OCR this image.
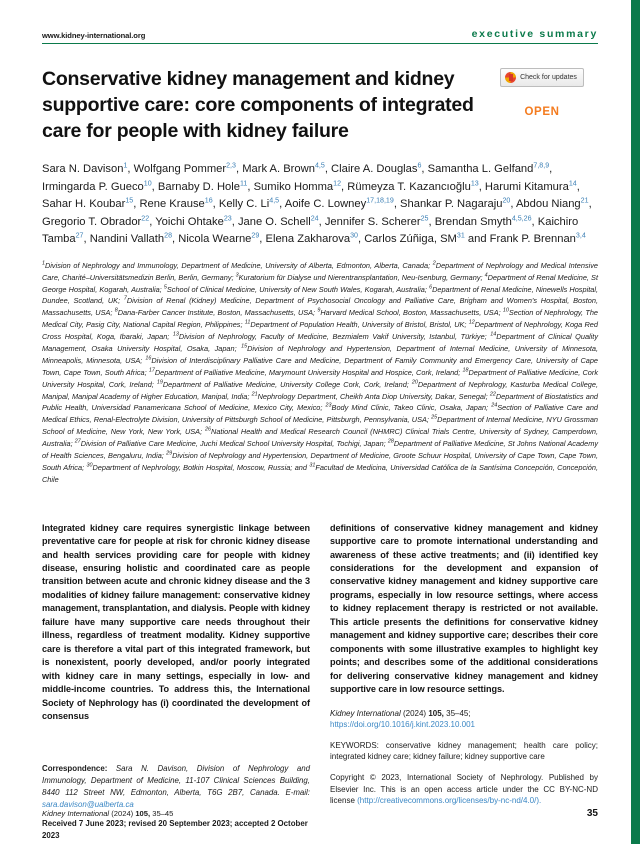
www.kidney-international.org	executive summary
Conservative kidney management and kidney supportive care: core components of integrated care for people with kidney failure
Check for updates
OPEN
Sara N. Davison$^1$, Wolfgang Pommer$^{2,3}$, Mark A. Brown$^{4,5}$, Claire A. Douglas$^6$, Samantha L. Gelfand$^{7,8,9}$, Irmingarda P. Gueco$^{10}$, Barnaby D. Hole$^{11}$, Sumiko Homma$^{12}$, Rümeyza T. Kazancıoğlu$^{13}$, Harumi Kitamura$^{14}$, Sahar H. Koubar$^{15}$, Rene Krause$^{16}$, Kelly C. Li$^{4,5}$, Aoife C. Lowney$^{17,18,19}$, Shankar P. Nagaraju$^{20}$, Abdou Niang$^{21}$, Gregorio T. Obrador$^{22}$, Yoichi Ohtake$^{23}$, Jane O. Schell$^{24}$, Jennifer S. Scherer$^{25}$, Brendan Smyth$^{4,5,26}$, Kaichiro Tamba$^{27}$, Nandini Vallath$^{28}$, Nicola Wearne$^{29}$, Elena Zakharova$^{30}$, Carlos Zúñiga, SM$^{31}$ and Frank P. Brennan$^{3,4}$
$^1$Division of Nephrology and Immunology, Department of Medicine, University of Alberta, Edmonton, Alberta, Canada; $^2$Department of Nephrology and Medical Intensive Care, Charité–Universitätsmedizin Berlin, Berlin, Germany; $^3$Kuratorium für Dialyse und Nierentransplantation, Neu-Isenburg, Germany; $^4$Department of Renal Medicine, St George Hospital, Kogarah, Australia; $^5$School of Clinical Medicine, University of New South Wales, Kogarah, Australia; $^6$Department of Renal Medicine, Ninewells Hospital, Dundee, Scotland, UK; $^7$Division of Renal (Kidney) Medicine, Department of Psychosocial Oncology and Palliative Care, Brigham and Women's Hospital, Boston, Massachusetts, USA; $^8$Dana-Farber Cancer Institute, Boston, Massachusetts, USA; $^9$Harvard Medical School, Boston, Massachusetts, USA; $^{10}$Section of Nephrology, The Medical City, Pasig City, National Capital Region, Philippines; $^{11}$Department of Population Health, University of Bristol, Bristol, UK; $^{12}$Department of Nephrology, Koga Red Cross Hospital, Koga, Ibaraki, Japan; $^{13}$Division of Nephrology, Faculty of Medicine, Bezmialem Vakif University, Istanbul, Türkiye; $^{14}$Department of Clinical Quality Management, Osaka University Hospital, Osaka, Japan; $^{15}$Division of Nephrology and Hypertension, Department of Internal Medicine, University of Minnesota, Minneapolis, Minnesota, USA; $^{16}$Division of Interdisciplinary Palliative Care and Medicine, Department of Family Community and Emergency Care, University of Cape Town, Cape Town, South Africa; $^{17}$Department of Palliative Medicine, Marymount University Hospital and Hospice, Cork, Ireland; $^{18}$Department of Palliative Medicine, Cork University Hospital, Cork, Ireland; $^{19}$Department of Palliative Medicine, University College Cork, Cork, Ireland; $^{20}$Department of Nephrology, Kasturba Medical College, Manipal, Manipal Academy of Higher Education, Manipal, India; $^{21}$Nephrology Department, Cheikh Anta Diop University, Dakar, Senegal; $^{22}$Department of Biostatistics and Public Health, Universidad Panamericana School of Medicine, Mexico City, Mexico; $^{23}$Body Mind Clinic, Takeo Clinic, Osaka, Japan; $^{24}$Section of Palliative Care and Medical Ethics, Renal-Electrolyte Division, University of Pittsburgh School of Medicine, Pittsburgh, Pennsylvania, USA; $^{25}$Department of Internal Medicine, NYU Grossman School of Medicine, New York, New York, USA; $^{26}$National Health and Medical Research Council (NHMRC) Clinical Trials Centre, University of Sydney, Camperdown, Australia; $^{27}$Division of Palliative Care Medicine, Juchi Medical School University Hospital, Tochigi, Japan; $^{28}$Department of Palliative Medicine, St Johns National Academy of Health Sciences, Bengaluru, India; $^{29}$Division of Nephrology and Hypertension, Department of Medicine, Groote Schuur Hospital, University of Cape Town, Cape Town, South Africa; $^{30}$Department of Nephrology, Botkin Hospital, Moscow, Russia; and $^{31}$Facultad de Medicina, Universidad Católica de la Santísima Concepción, Concepción, Chile

Integrated kidney care requires synergistic linkage between preventative care for people at risk for chronic kidney disease and health services providing care for people with kidney disease, ensuring holistic and coordinated care as people transition between acute and chronic kidney disease and the 3 modalities of kidney failure management: conservative kidney management, transplantation, and dialysis. People with kidney failure have many supportive care needs throughout their illness, regardless of treatment modality. Kidney supportive care is therefore a vital part of this integrated framework, but is nonexistent, poorly developed, and/or poorly integrated with kidney care in many settings, especially in low- and middle-income countries. To address this, the International Society of Nephrology has (i) coordinated the development of consensus

Correspondence: Sara N. Davison, Division of Nephrology and Immunology, Department of Medicine, 11-107 Clinical Sciences Building, 8440 112 Street NW, Edmonton, Alberta, T6G 2B7, Canada. E-mail: sara.davison@ualberta.ca
Received 7 June 2023; revised 20 September 2023; accepted 2 October 2023

definitions of conservative kidney management and kidney supportive care to promote international understanding and awareness of these active treatments; and (ii) identified key considerations for the development and expansion of conservative kidney management and kidney supportive care programs, especially in low resource settings, where access to kidney replacement therapy is restricted or not available. This article presents the definitions for conservative kidney management and kidney supportive care; describes their core components with some illustrative examples to highlight key points; and describes some of the additional considerations for delivering conservative kidney management and kidney supportive care in low resource settings.

Kidney International (2024) 105, 35–45; https://doi.org/10.1016/j.kint.2023.10.001
KEYWORDS: conservative kidney management; health care policy; integrated kidney care; kidney failure; kidney supportive care
Copyright © 2023, International Society of Nephrology. Published by Elsevier Inc. This is an open access article under the CC BY-NC-ND license (http://creativecommons.org/licenses/by-nc-nd/4.0/).
Kidney International (2024) 105, 35–45	35
